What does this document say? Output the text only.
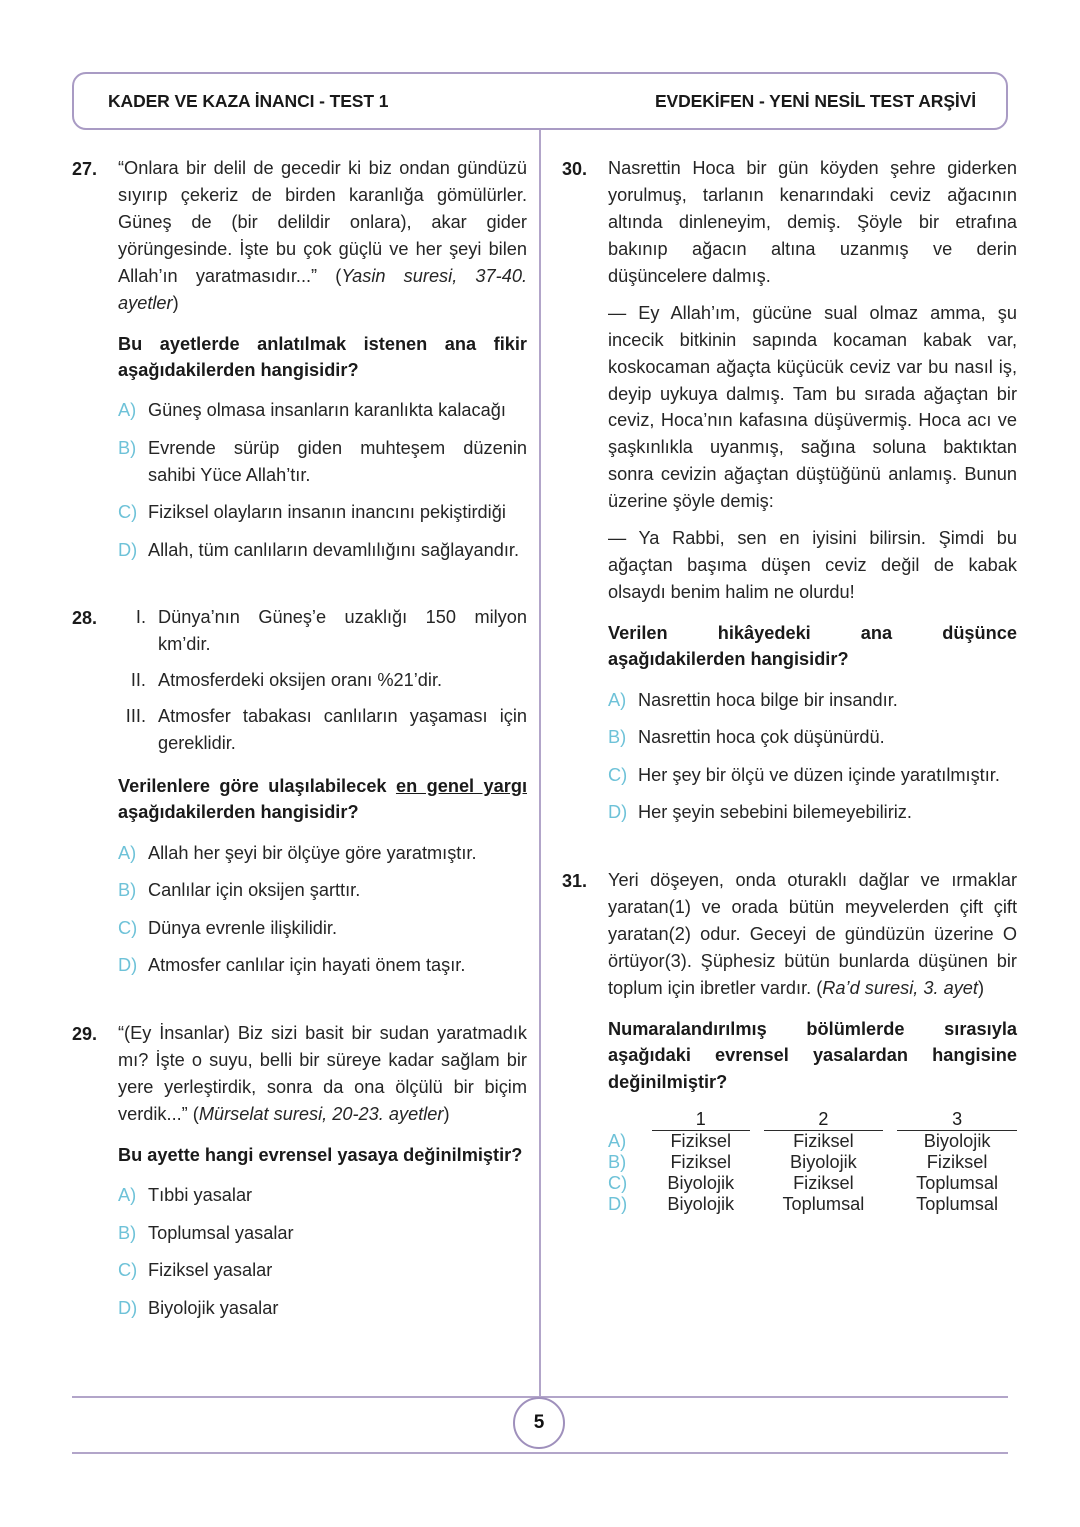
KADER VE KAZA İNANCI - TEST 1	EVDEKİFEN - YENİ NESİL TEST ARŞİVİ
27.	“Onlara bir delil de gecedir ki biz ondan gündüzü sıyırıp çekeriz de birden karanlığa gömülürler. Güneş de (bir delildir onlara), akar gider yörüngesinde. İşte bu çok güçlü ve her şeyi bilen Allah’ın yaratmasıdır...” (Yasin suresi, 37-40. ayetler)

Bu ayetlerde anlatılmak istenen ana fikir aşağıdakilerden hangisidir?

A) Güneş olmasa insanların karanlıkta kalacağı
B) Evrende sürüp giden muhteşem düzenin sahibi Yüce Allah’tır.
C) Fiziksel olayların insanın inancını pekiştirdiği
D) Allah, tüm canlıların devamlılığını sağlayandır.
28.	I. Dünya’nın Güneş’e uzaklığı 150 milyon km’dir.
II. Atmosferdeki oksijen oranı %21’dir.
III. Atmosfer tabakası canlıların yaşaması için gereklidir.

Verilenlere göre ulaşılabilecek en genel yargı aşağıdakilerden hangisidir?

A) Allah her şeyi bir ölçüye göre yaratmıştır.
B) Canlılar için oksijen şarttır.
C) Dünya evrenle ilişkilidir.
D) Atmosfer canlılar için hayati önem taşır.
29.	“(Ey İnsanlar) Biz sizi basit bir sudan yaratmadık mı? İşte o suyu, belli bir süreye kadar sağlam bir yere yerleştirdik, sonra da ona ölçülü bir biçim verdik...” (Mürselat suresi, 20-23. ayetler)

Bu ayette hangi evrensel yasaya değinilmiştir?

A) Tıbbi yasalar
B) Toplumsal yasalar
C) Fiziksel yasalar
D) Biyolojik yasalar
30.	Nasrettin Hoca bir gün köyden şehre giderken yorulmuş, tarlanın kenarındaki ceviz ağacının altında dinleneyim, demiş. Şöyle bir etrafına bakınıp ağacın altına uzanmış ve derin düşüncelere dalmış.

— Ey Allah’ım, gücüne sual olmaz amma, şu incecik bitkinin sapında kocaman kabak var, koskocaman ağaçta küçücük ceviz var bu nasıl iş, deyip uykuya dalmış. Tam bu sırada ağaçtan bir ceviz, Hoca’nın kafasına düşüvermiş. Hoca acı ve şaşkınlıkla uyanmış, sağına soluna baktıktan sonra cevizin ağaçtan düştüğünü anlamış. Bunun üzerine şöyle demiş:

— Ya Rabbi, sen en iyisini bilirsin. Şimdi bu ağaçtan başıma düşen ceviz değil de kabak olsaydı benim halim ne olurdu!

Verilen hikâyedeki ana düşünce aşağıdakilerden hangisidir?

A) Nasrettin hoca bilge bir insandır.
B) Nasrettin hoca çok düşünürdü.
C) Her şey bir ölçü ve düzen içinde yaratılmıştır.
D) Her şeyin sebebini bilemeyebiliriz.
31.	Yeri döşeyen, onda oturaklı dağlar ve ırmaklar yaratan(1) ve orada bütün meyvelerden çift çift yaratan(2) odur. Geceyi de gündüzün üzerine O örtüyor(3). Şüphesiz bütün bunlarda düşünen bir toplum için ibretler vardır. (Ra’d suresi, 3. ayet)

Numaralandırılmış bölümlerde sırasıyla aşağıdaki evrensel yasalardan hangisine değinilmiştir?

	1		2		3
A)	Fiziksel		Fiziksel		Biyolojik
B)	Fiziksel		Biyolojik		Fiziksel
C)	Biyolojik		Fiziksel		Toplumsal
D)	Biyolojik		Toplumsal		Toplumsal
5
